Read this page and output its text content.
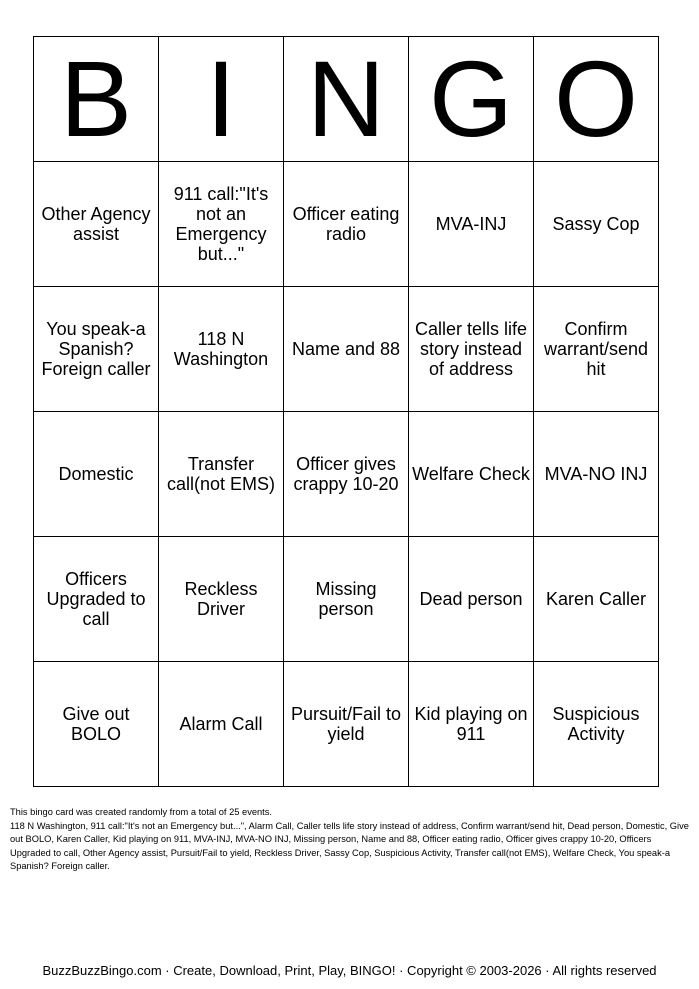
B	I	N	G	O
Other Agency assist	911 call:"It's not an Emergency but..."	Officer eating radio	MVA-INJ	Sassy Cop
You speak-a Spanish? Foreign caller	118 N Washington	Name and 88	Caller tells life story instead of address	Confirm warrant/send hit
Domestic	Transfer call(not EMS)	Officer gives crappy 10-20	Welfare Check	MVA-NO INJ
Officers Upgraded to call	Reckless Driver	Missing person	Dead person	Karen Caller
Give out BOLO	Alarm Call	Pursuit/Fail to yield	Kid playing on 911	Suspicious Activity
This bingo card was created randomly from a total of 25 events.
118 N Washington, 911 call:"It's not an Emergency but...", Alarm Call, Caller tells life story instead of address, Confirm warrant/send hit, Dead person, Domestic, Give out BOLO, Karen Caller, Kid playing on 911, MVA-INJ, MVA-NO INJ, Missing person, Name and 88, Officer eating radio, Officer gives crappy 10-20, Officers Upgraded to call, Other Agency assist, Pursuit/Fail to yield, Reckless Driver, Sassy Cop, Suspicious Activity, Transfer call(not EMS), Welfare Check, You speak-a Spanish? Foreign caller.
BuzzBuzzBingo.com · Create, Download, Print, Play, BINGO! · Copyright © 2003-2026 · All rights reserved
